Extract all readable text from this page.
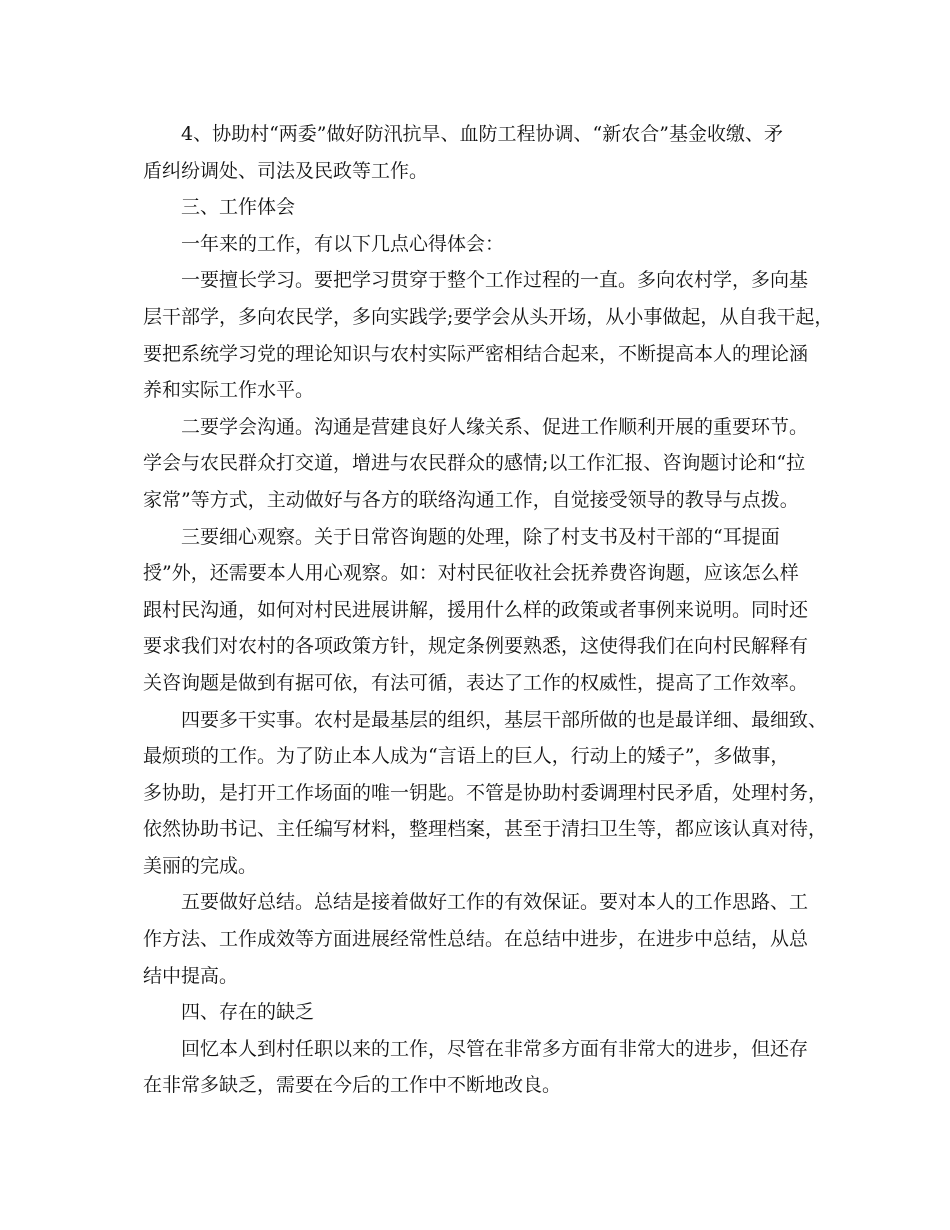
4、协助村“两委”做好防汛抗旱、血防工程协调、“新农合”基金收缴、矛
盾纠纷调处、司法及民政等工作。
三、工作体会
一年来的工作，有以下几点心得体会：
一要擅长学习。要把学习贯穿于整个工作过程的一直。多向农村学，多向基
层干部学，多向农民学，多向实践学;要学会从头开场，从小事做起，从自我干起，
要把系统学习党的理论知识与农村实际严密相结合起来，不断提高本人的理论涵
养和实际工作水平。
二要学会沟通。沟通是营建良好人缘关系、促进工作顺利开展的重要环节。
学会与农民群众打交道，增进与农民群众的感情;以工作汇报、咨询题讨论和“拉
家常”等方式，主动做好与各方的联络沟通工作，自觉接受领导的教导与点拨。
三要细心观察。关于日常咨询题的处理，除了村支书及村干部的“耳提面
授”外，还需要本人用心观察。如：对村民征收社会抚养费咨询题，应该怎么样
跟村民沟通，如何对村民进展讲解，援用什么样的政策或者事例来说明。同时还
要求我们对农村的各项政策方针，规定条例要熟悉，这使得我们在向村民解释有
关咨询题是做到有据可依，有法可循，表达了工作的权威性，提高了工作效率。
四要多干实事。农村是最基层的组织，基层干部所做的也是最详细、最细致、
最烦琐的工作。为了防止本人成为“言语上的巨人，行动上的矮子”，多做事，
多协助，是打开工作场面的唯一钥匙。不管是协助村委调理村民矛盾，处理村务，
依然协助书记、主任编写材料，整理档案，甚至于清扫卫生等，都应该认真对待，
美丽的完成。
五要做好总结。总结是接着做好工作的有效保证。要对本人的工作思路、工
作方法、工作成效等方面进展经常性总结。在总结中进步，在进步中总结，从总
结中提高。
四、存在的缺乏
回忆本人到村任职以来的工作，尽管在非常多方面有非常大的进步，但还存
在非常多缺乏，需要在今后的工作中不断地改良。
